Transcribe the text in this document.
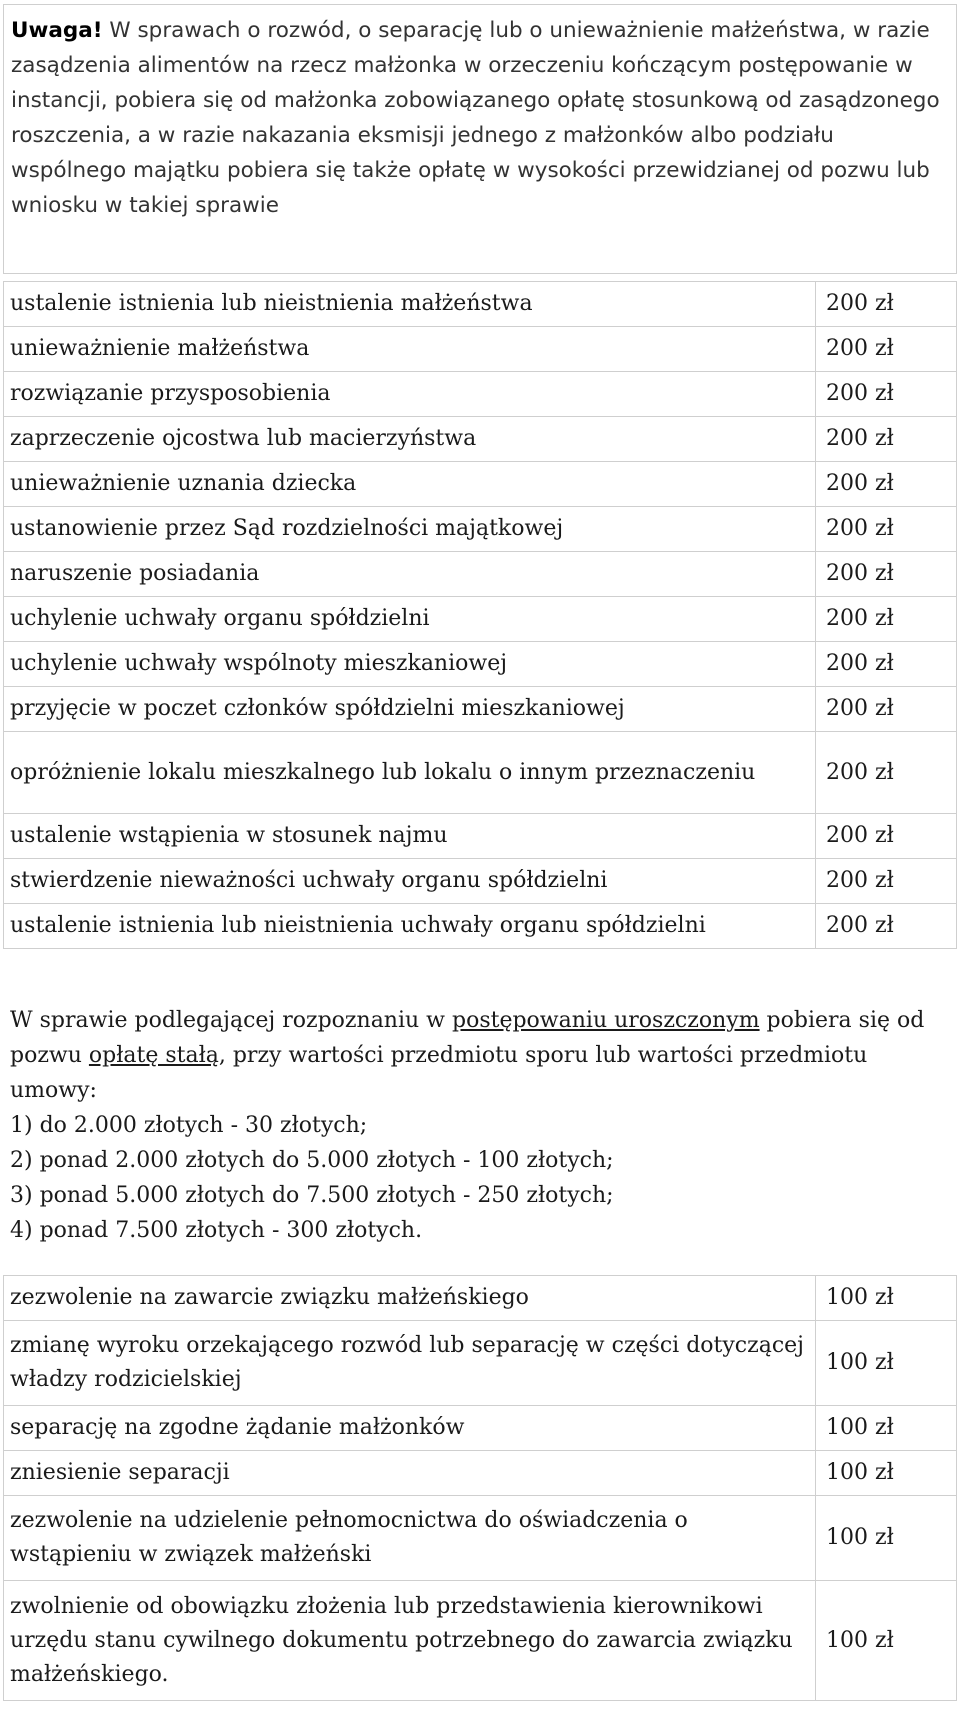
Uwaga! W sprawach o rozwód, o separację lub o unieważnienie małżeństwa, w razie zasądzenia alimentów na rzecz małżonka w orzeczeniu kończącym postępowanie w instancji, pobiera się od małżonka zobowiązanego opłatę stosunkową od zasądzonego roszczenia, a w razie nakazania eksmisji jednego z małżonków albo podziału wspólnego majątku pobiera się także opłatę w wysokości przewidzianej od pozwu lub wniosku w takiej sprawie
ustalenie istnienia lub nieistnienia małżeństwa	200 zł
unieważnienie małżeństwa	200 zł
rozwiązanie przysposobienia	200 zł
zaprzeczenie ojcostwa lub macierzyństwa	200 zł
unieważnienie uznania dziecka	200 zł
ustanowienie przez Sąd rozdzielności majątkowej	200 zł
naruszenie posiadania	200 zł
uchylenie uchwały organu spółdzielni	200 zł
uchylenie uchwały wspólnoty mieszkaniowej	200 zł
przyjęcie w poczet członków spółdzielni mieszkaniowej	200 zł
opróżnienie lokalu mieszkalnego lub lokalu o innym przeznaczeniu	200 zł
ustalenie wstąpienia w stosunek najmu	200 zł
stwierdzenie nieważności uchwały organu spółdzielni	200 zł
ustalenie istnienia lub nieistnienia uchwały organu spółdzielni	200 zł
W sprawie podlegającej rozpoznaniu w postępowaniu uroszczonym pobiera się od pozwu opłatę stałą, przy wartości przedmiotu sporu lub wartości przedmiotu umowy:
1) do 2.000 złotych - 30 złotych;
2) ponad 2.000 złotych do 5.000 złotych - 100 złotych;
3) ponad 5.000 złotych do 7.500 złotych - 250 złotych;
4) ponad 7.500 złotych - 300 złotych.
zezwolenie na zawarcie związku małżeńskiego	100 zł
zmianę wyroku orzekającego rozwód lub separację w części dotyczącej władzy rodzicielskiej	100 zł
separację na zgodne żądanie małżonków	100 zł
zniesienie separacji	100 zł
zezwolenie na udzielenie pełnomocnictwa do oświadczenia o wstąpieniu w związek małżeński	100 zł
zwolnienie od obowiązku złożenia lub przedstawienia kierownikowi urzędu stanu cywilnego dokumentu potrzebnego do zawarcia związku małżeńskiego.	100 zł
